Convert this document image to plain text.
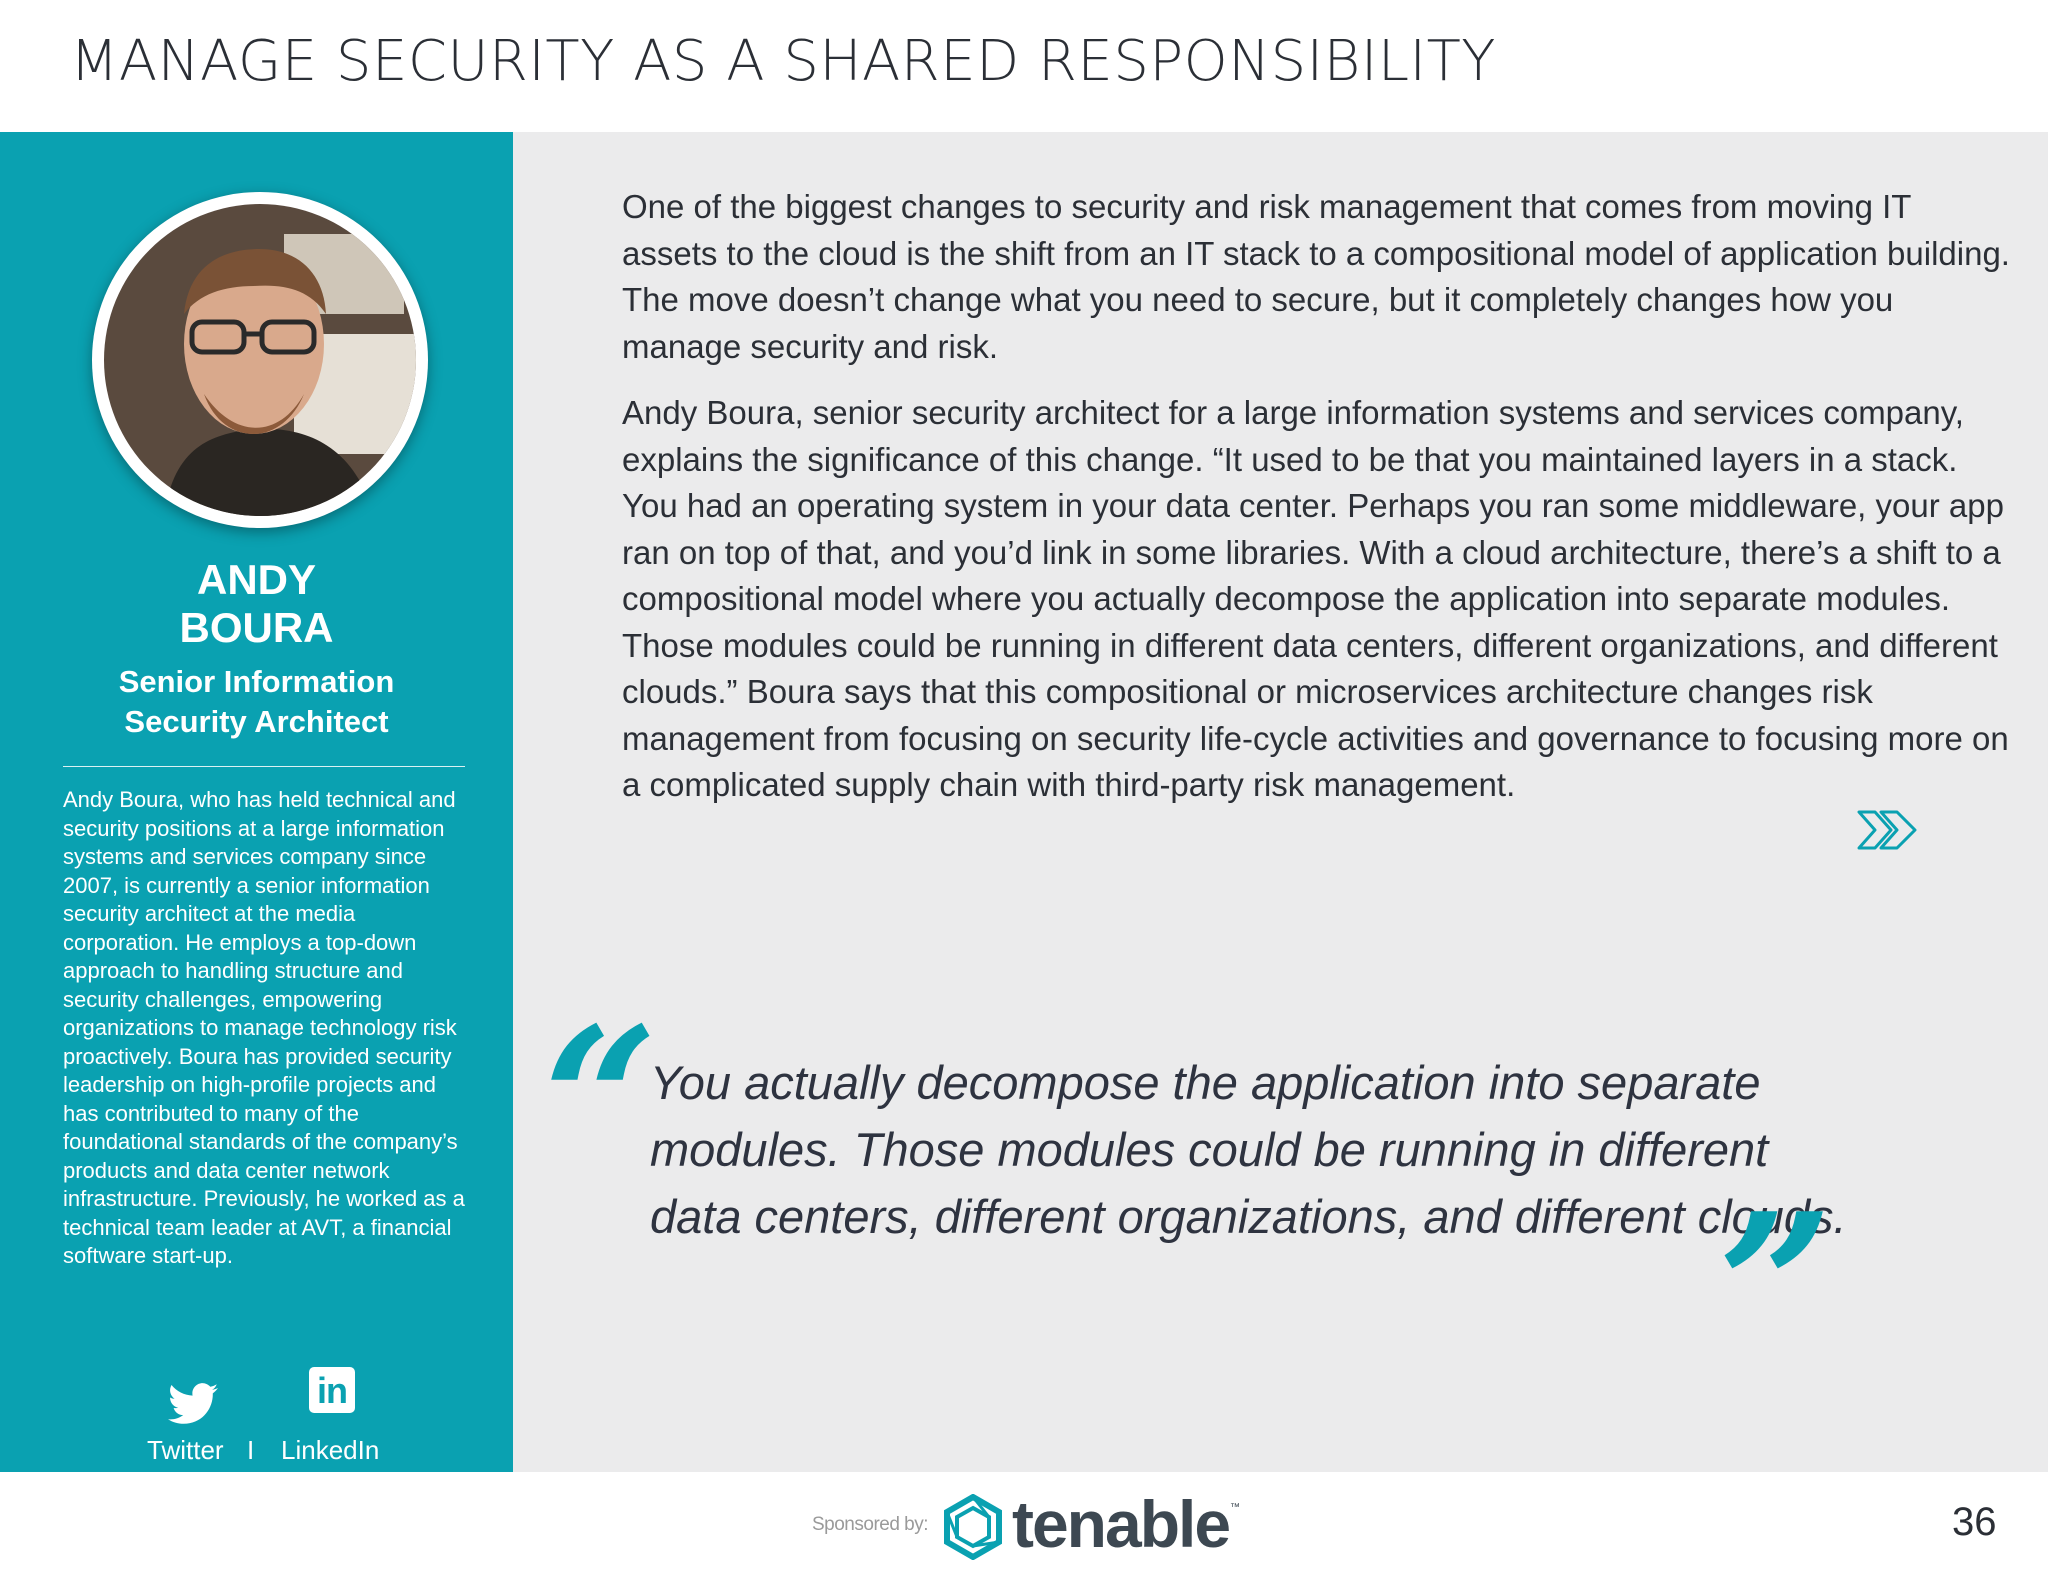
MANAGE SECURITY AS A SHARED RESPONSIBILITY
ANDY
BOURA
Senior Information
Security Architect

Andy Boura, who has held technical and security positions at a large information systems and services company since 2007, is currently a senior information security architect at the media corporation. He employs a top-down approach to handling structure and security challenges, empowering organizations to manage technology risk proactively. Boura has provided security leadership on high-profile projects and has contributed to many of the foundational standards of the company’s products and data center network infrastructure. Previously, he worked as a technical team leader at AVT, a financial software start-up.

in
Twitter I LinkedIn

One of the biggest changes to security and risk management that comes from moving IT assets to the cloud is the shift from an IT stack to a compositional model of application building. The move doesn’t change what you need to secure, but it completely changes how you manage security and risk.

Andy Boura, senior security architect for a large information systems and services company, explains the significance of this change. “It used to be that you maintained layers in a stack. You had an operating system in your data center. Perhaps you ran some middleware, your app ran on top of that, and you’d link in some libraries. With a cloud architecture, there’s a shift to a compositional model where you actually decompose the application into separate modules. Those modules could be running in different data centers, different organizations, and different clouds.” Boura says that this compositional or microservices architecture changes risk management from focusing on security life-cycle activities and governance to focusing more on a complicated supply chain with third-party risk management.

“

You actually decompose the application into separate modules. Those modules could be running in different data centers, different organizations, and different clouds.

”
Sponsored by: tenable ™	36
